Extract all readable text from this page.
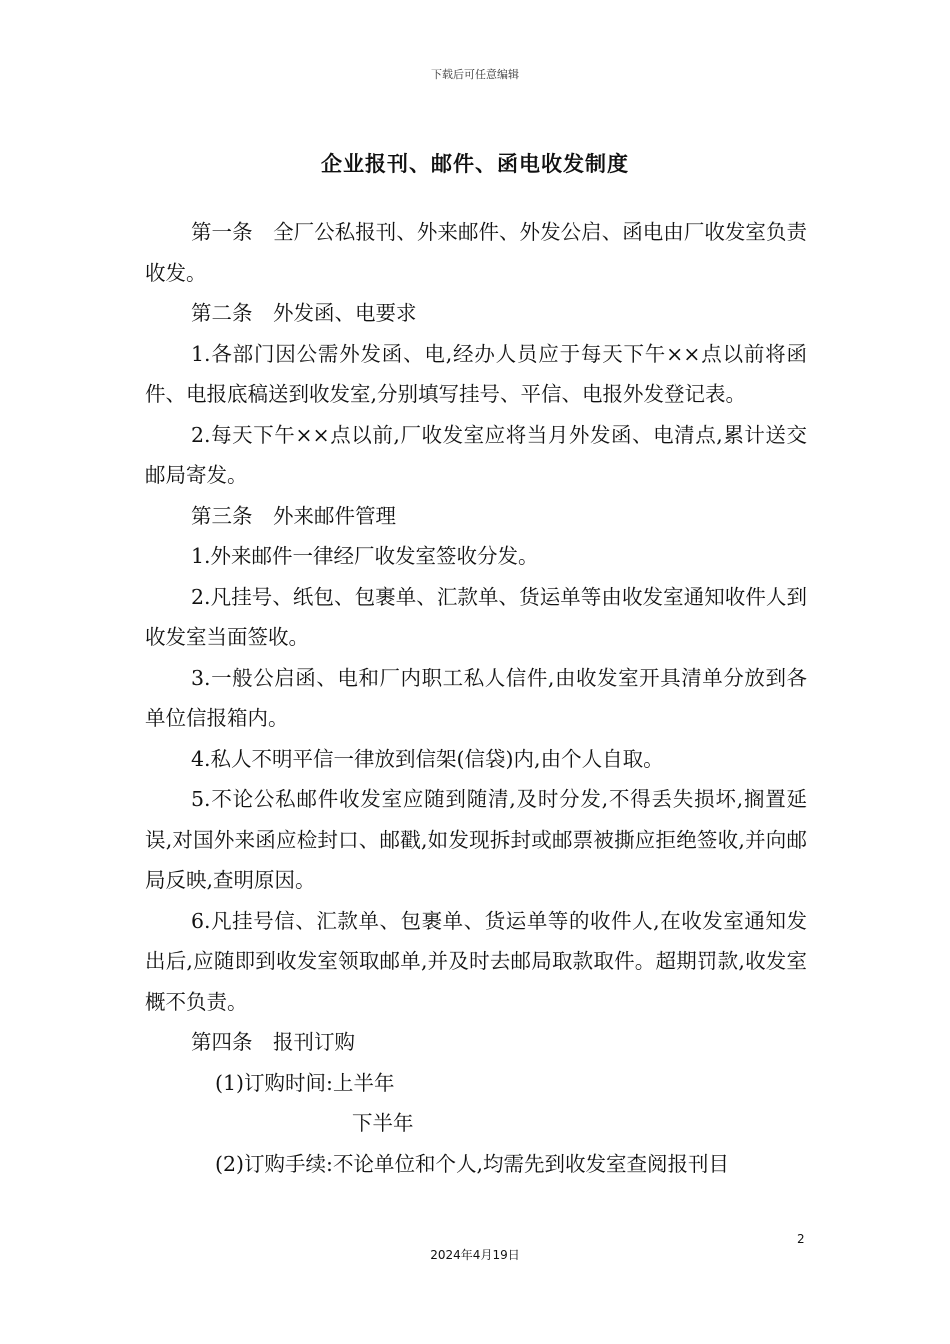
下载后可任意编辑
企业报刊、邮件、函电收发制度

第一条　全厂公私报刊、外来邮件、外发公启、函电由厂收发室负责收发。

第二条　外发函、电要求

1.各部门因公需外发函、电,经办人员应于每天下午××点以前将函件、电报底稿送到收发室,分别填写挂号、平信、电报外发登记表。

2.每天下午××点以前,厂收发室应将当月外发函、电清点,累计送交邮局寄发。

第三条　外来邮件管理

1.外来邮件一律经厂收发室签收分发。

2.凡挂号、纸包、包裹单、汇款单、货运单等由收发室通知收件人到收发室当面签收。

3.一般公启函、电和厂内职工私人信件,由收发室开具清单分放到各单位信报箱内。

4.私人不明平信一律放到信架(信袋)内,由个人自取。

5.不论公私邮件收发室应随到随清,及时分发,不得丢失损坏,搁置延误,对国外来函应检封口、邮戳,如发现拆封或邮票被撕应拒绝签收,并向邮局反映,查明原因。

6.凡挂号信、汇款单、包裹单、货运单等的收件人,在收发室通知发出后,应随即到收发室领取邮单,并及时去邮局取款取件。超期罚款,收发室概不负责。

第四条　报刊订购

(1)订购时间:上半年

下半年

(2)订购手续:不论单位和个人,均需先到收发室查阅报刊目

2
2024年4月19日
